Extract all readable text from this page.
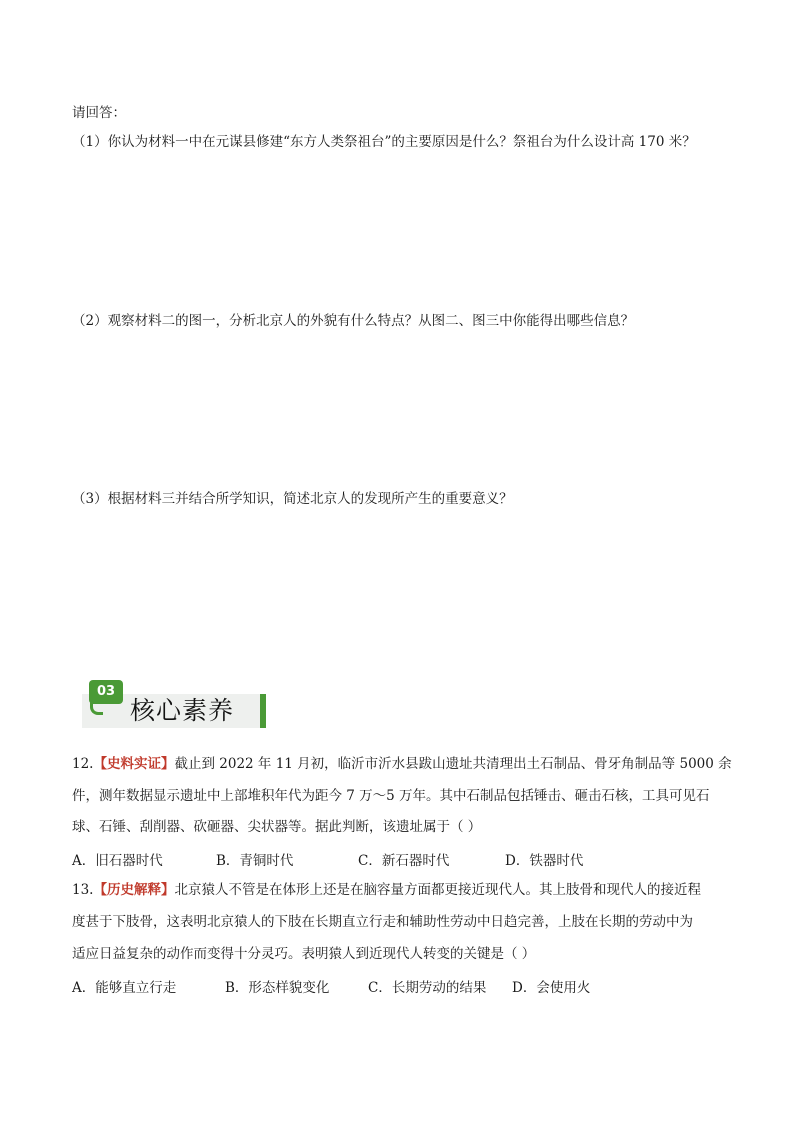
请回答：
（1）你认为材料一中在元谋县修建“东方人类祭祖台”的主要原因是什么？祭祖台为什么设计高 170 米？
（2）观察材料二的图一，分析北京人的外貌有什么特点？从图二、图三中你能得出哪些信息？
（3）根据材料三并结合所学知识，简述北京人的发现所产生的重要意义？
03
核心素养
12.【史料实证】截止到 2022 年 11 月初，临沂市沂水县跋山遗址共清理出土石制品、骨牙角制品等 5000 余
件，测年数据显示遗址中上部堆积年代为距今 7 万～5 万年。其中石制品包括锤击、砸击石核，工具可见石
球、石锤、刮削器、砍砸器、尖状器等。据此判断，该遗址属于（ ）
A．旧石器时代	B．青铜时代	C．新石器时代	D．铁器时代
13.【历史解释】北京猿人不管是在体形上还是在脑容量方面都更接近现代人。其上肢骨和现代人的接近程
度甚于下肢骨，这表明北京猿人的下肢在长期直立行走和辅助性劳动中日趋完善，上肢在长期的劳动中为
适应日益复杂的动作而变得十分灵巧。表明猿人到近现代人转变的关键是（ ）
A．能够直立行走	B．形态样貌变化	C．长期劳动的结果 D．会使用火
